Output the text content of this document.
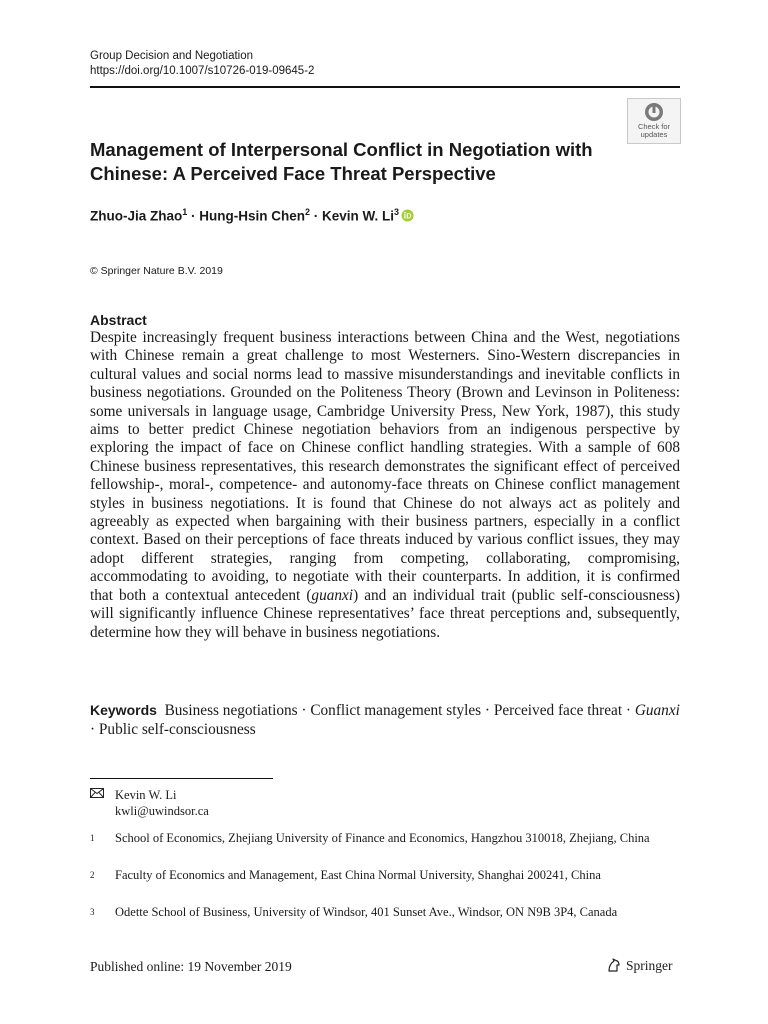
Group Decision and Negotiation
https://doi.org/10.1007/s10726-019-09645-2
Check for
updates
Management of Interpersonal Conflict in Negotiation with Chinese: A Perceived Face Threat Perspective
Zhuo-Jia Zhao$^1$ · Hung-Hsin Chen$^2$ · Kevin W. Li$^3$
© Springer Nature B.V. 2019
Abstract

Despite increasingly frequent business interactions between China and the West, negotiations with Chinese remain a great challenge to most Westerners. Sino-Western discrepancies in cultural values and social norms lead to massive misunderstandings and inevitable conflicts in business negotiations. Grounded on the Politeness Theory (Brown and Levinson in Politeness: some universals in language usage, Cambridge University Press, New York, 1987), this study aims to better predict Chinese negotiation behaviors from an indigenous perspective by exploring the impact of face on Chinese conflict handling strategies. With a sample of 608 Chinese business representatives, this research demonstrates the significant effect of perceived fellowship-, moral-, competence- and autonomy-face threats on Chinese conflict management styles in business negotiations. It is found that Chinese do not always act as politely and agreeably as expected when bargaining with their business partners, especially in a conflict context. Based on their perceptions of face threats induced by various conflict issues, they may adopt different strategies, ranging from competing, collaborating, compromising, accommodating to avoiding, to negotiate with their counterparts. In addition, it is confirmed that both a contextual antecedent (guanxi) and an individual trait (public self-consciousness) will significantly influence Chinese representatives’ face threat perceptions and, subsequently, determine how they will behave in business negotiations.

Keywords Business negotiations · Conflict management styles · Perceived face threat · Guanxi · Public self-consciousness
Kevin W. Li
kwli@uwindsor.ca
1 School of Economics, Zhejiang University of Finance and Economics, Hangzhou 310018, Zhejiang, China
2 Faculty of Economics and Management, East China Normal University, Shanghai 200241, China
3 Odette School of Business, University of Windsor, 401 Sunset Ave., Windsor, ON N9B 3P4, Canada
Published online: 19 November 2019	Springer
